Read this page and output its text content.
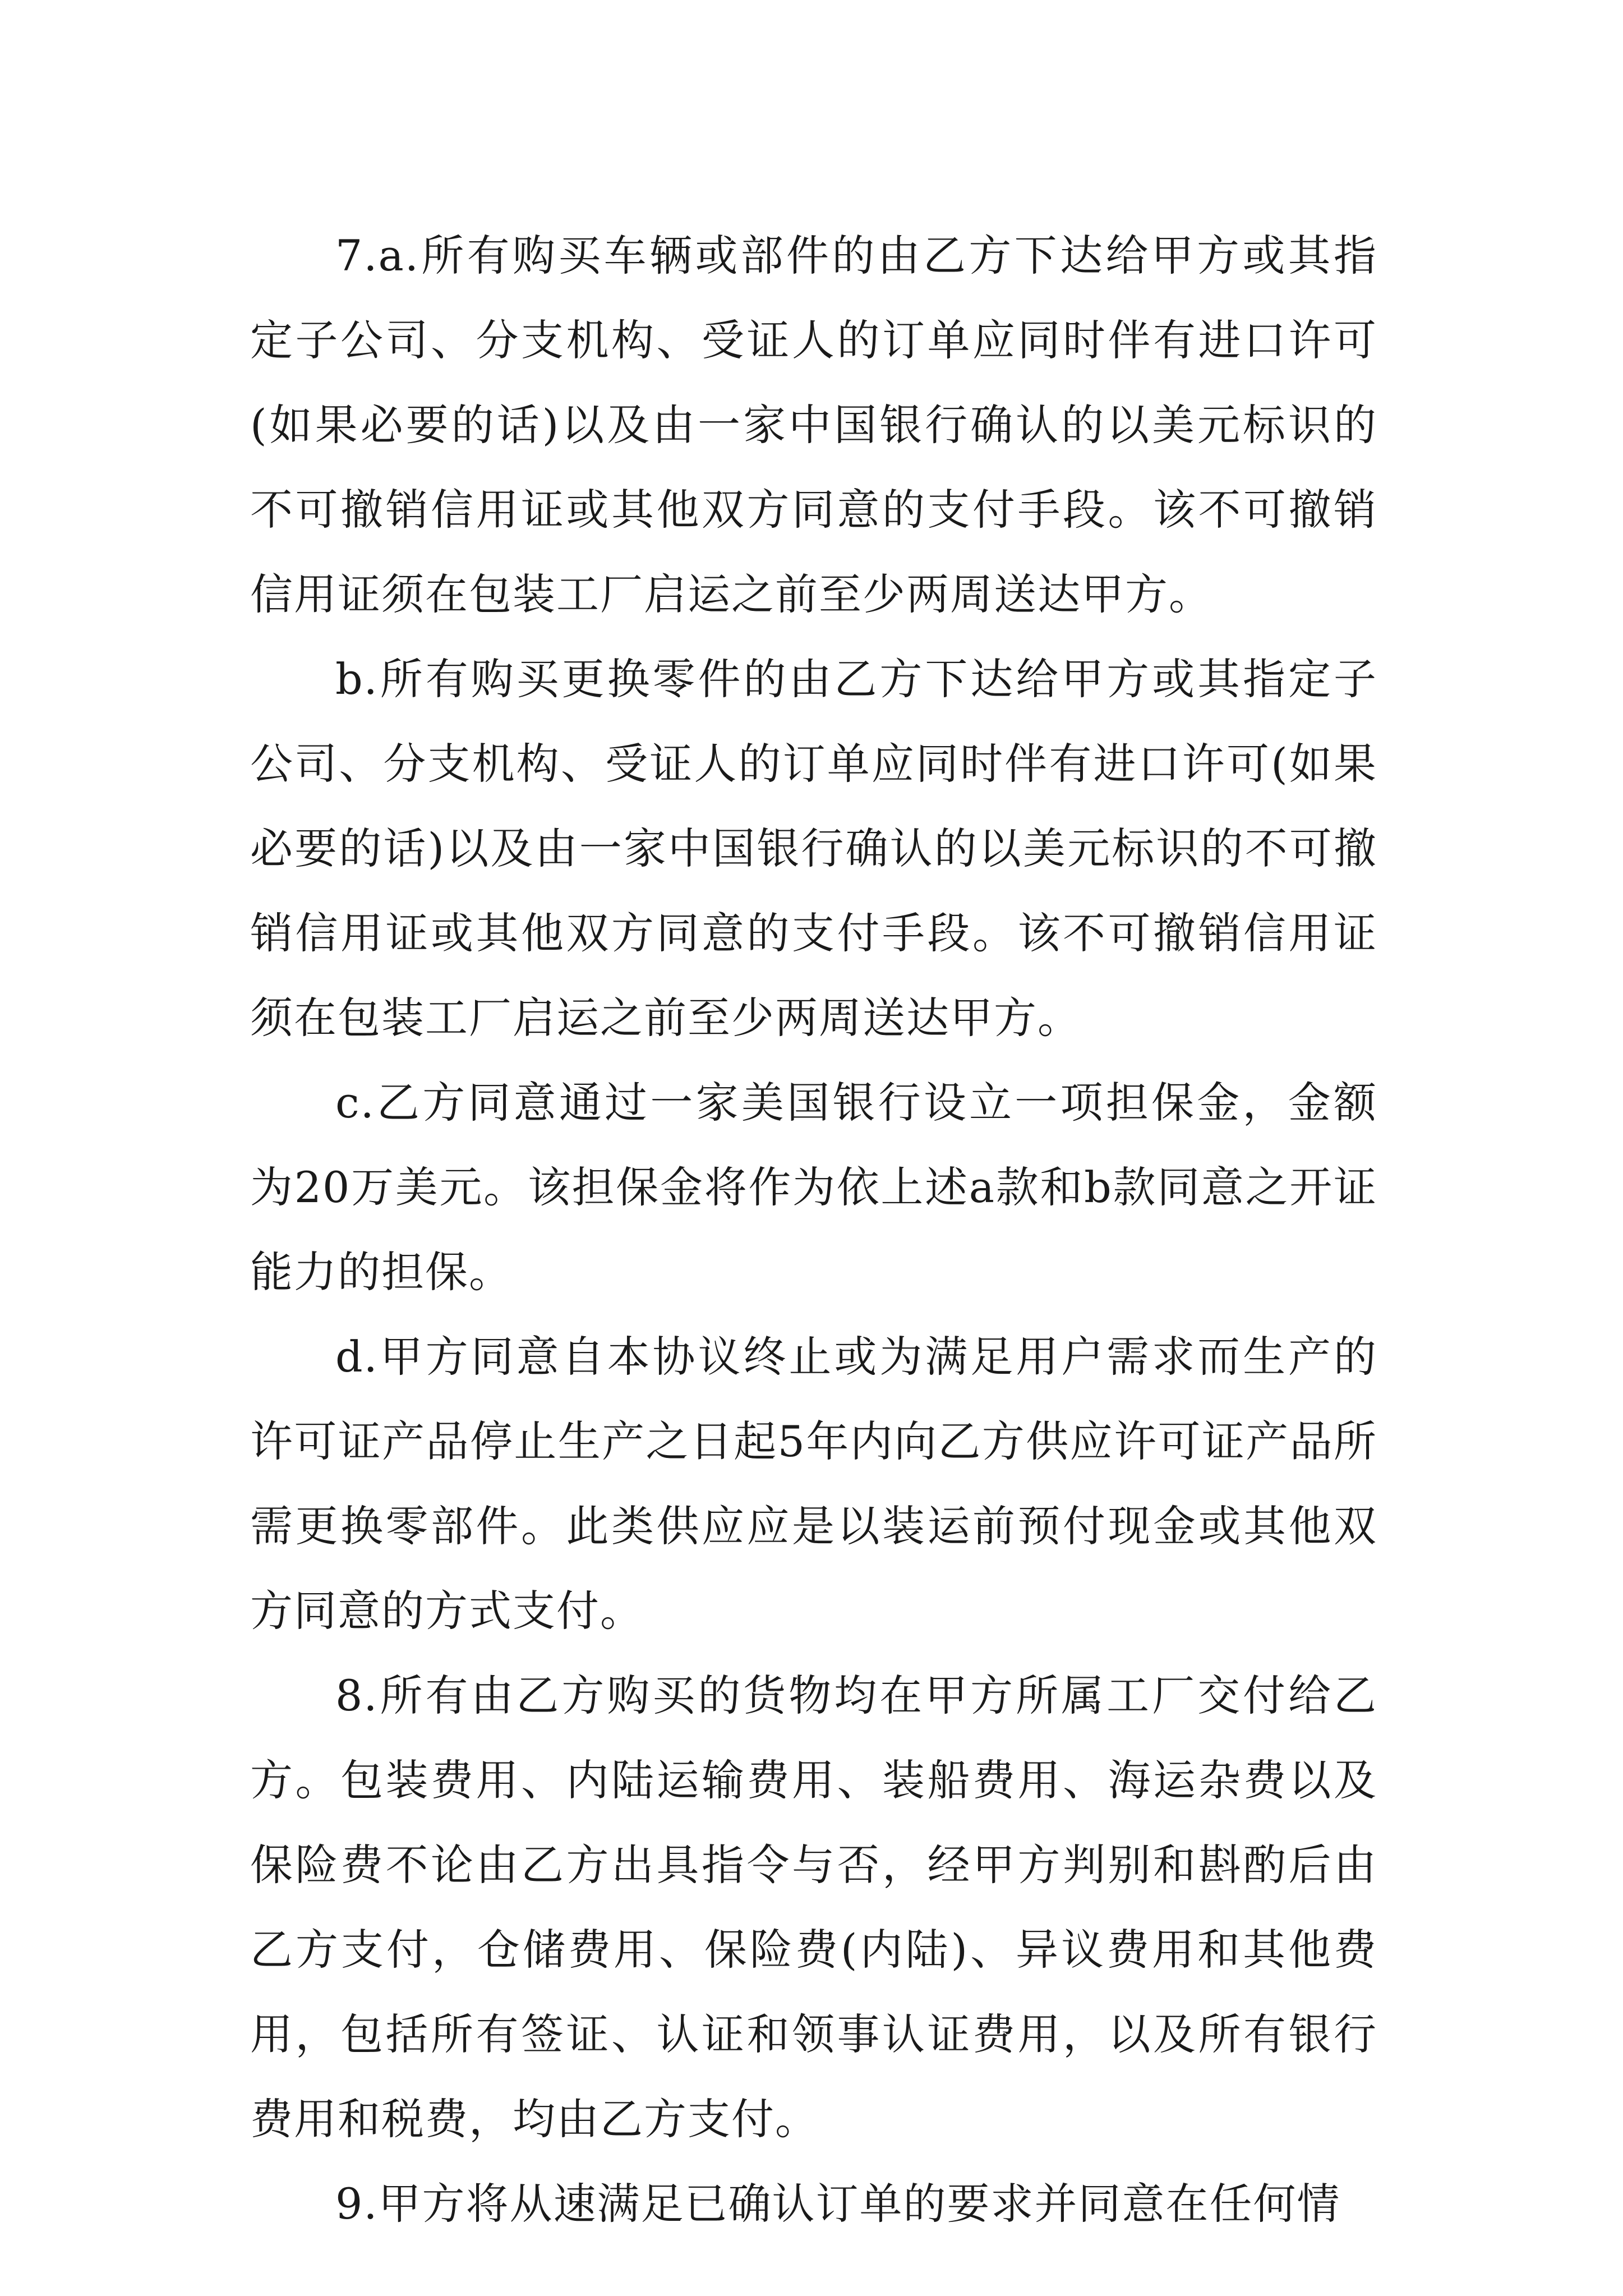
7.a.所有购买车辆或部件的由乙方下达给甲方或其指定子公司、分支机构、受证人的订单应同时伴有进口许可(如果必要的话)以及由一家中国银行确认的以美元标识的不可撤销信用证或其他双方同意的支付手段。该不可撤销信用证须在包装工厂启运之前至少两周送达甲方。

b.所有购买更换零件的由乙方下达给甲方或其指定子公司、分支机构、受证人的订单应同时伴有进口许可(如果必要的话)以及由一家中国银行确认的以美元标识的不可撤销信用证或其他双方同意的支付手段。该不可撤销信用证须在包装工厂启运之前至少两周送达甲方。

c.乙方同意通过一家美国银行设立一项担保金，金额为20万美元。该担保金将作为依上述a款和b款同意之开证能力的担保。

d.甲方同意自本协议终止或为满足用户需求而生产的许可证产品停止生产之日起5年内向乙方供应许可证产品所需更换零部件。此类供应应是以装运前预付现金或其他双方同意的方式支付。

8.所有由乙方购买的货物均在甲方所属工厂交付给乙方。包装费用、内陆运输费用、装船费用、海运杂费以及保险费不论由乙方出具指令与否，经甲方判别和斟酌后由乙方支付，仓储费用、保险费(内陆)、异议费用和其他费用，包括所有签证、认证和领事认证费用，以及所有银行费用和税费，均由乙方支付。

9.甲方将从速满足已确认订单的要求并同意在任何情
